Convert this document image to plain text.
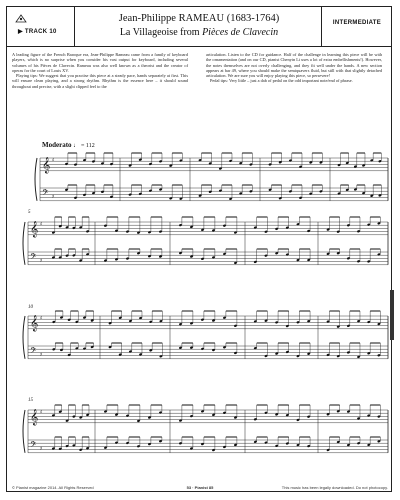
▶ TRACK 10
Jean-Philippe RAMEAU (1683-1764)
La Villageoise from Pièces de Clavecin
INTERMEDIATE

A leading figure of the French Baroque era, Jean-Philippe Rameau came from a family of keyboard players, which is no surprise when you consider his vast output for keyboard, including several volumes of his Pièces de Clavecin. Rameau was also well known as a theorist and the creator of operas for the court of Louis XV.

Playing tips: We suggest that you practise this piece at a steady pace, hands separately at first. This will ensure clean playing, and a strong rhythm. Rhythm is the essence here – it should sound throughout and precise, with a slight clipped feel to the

articulation. Listen to the CD for guidance. Half of the challenge in learning this piece will be with the ornamentation (and on our CD, pianist Chenyin Li uses a lot of extra embellishments!). However, the notes themselves are not overly challenging, and they fit well under the hands. A new section appears at bar 49, where you should make the semiquavers fluid, but still with that slightly detached articulation. We are sure you will enjoy playing this piece, so persevere!

Pedal tips: Very little – just a dab of pedal on the odd important note/end of phrase.

Moderato ♩ = 112
𝄞 ♯
𝄢 ♯
𝄞 ♯
𝄢 ♯
𝄞 ♯
𝄢 ♯
𝄞 ♯
𝄢 ♯
5
10
15
© Pianist magazine 2014. All Rights Reserved	53 · Pianist 85	This music has been legally downloaded. Do not photocopy.
